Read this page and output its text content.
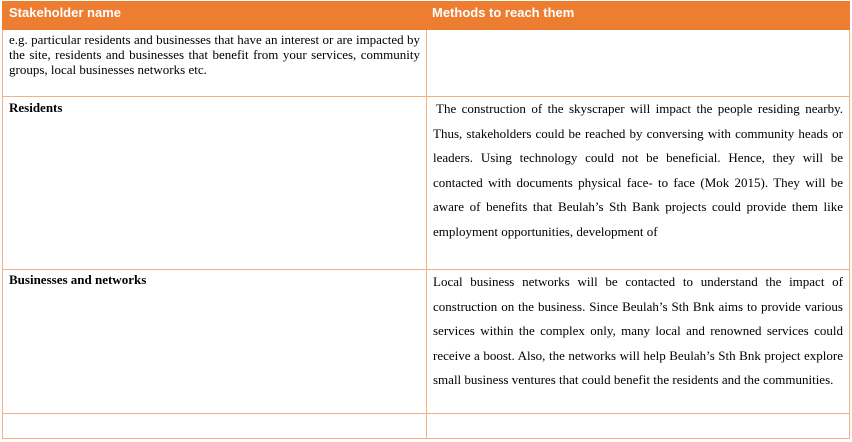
Stakeholder name	Methods to reach them
e.g. particular residents and businesses that have an interest or are impacted by the site, residents and businesses that benefit from your services, community groups, local businesses networks etc.	

Residents	The construction of the skyscraper will impact the people residing nearby. Thus, stakeholders could be reached by conversing with community heads or leaders. Using technology could not be beneficial. Hence, they will be contacted with documents physical face- to face (Mok 2015). They will be aware of benefits that Beulah’s Sth Bank projects could provide them like employment opportunities, development of

Businesses and networks	Local business networks will be contacted to understand the impact of construction on the business. Since Beulah’s Sth Bnk aims to provide various services within the complex only, many local and renowned services could receive a boost. Also, the networks will help Beulah’s Sth Bnk project explore small business ventures that could benefit the residents and the communities.
